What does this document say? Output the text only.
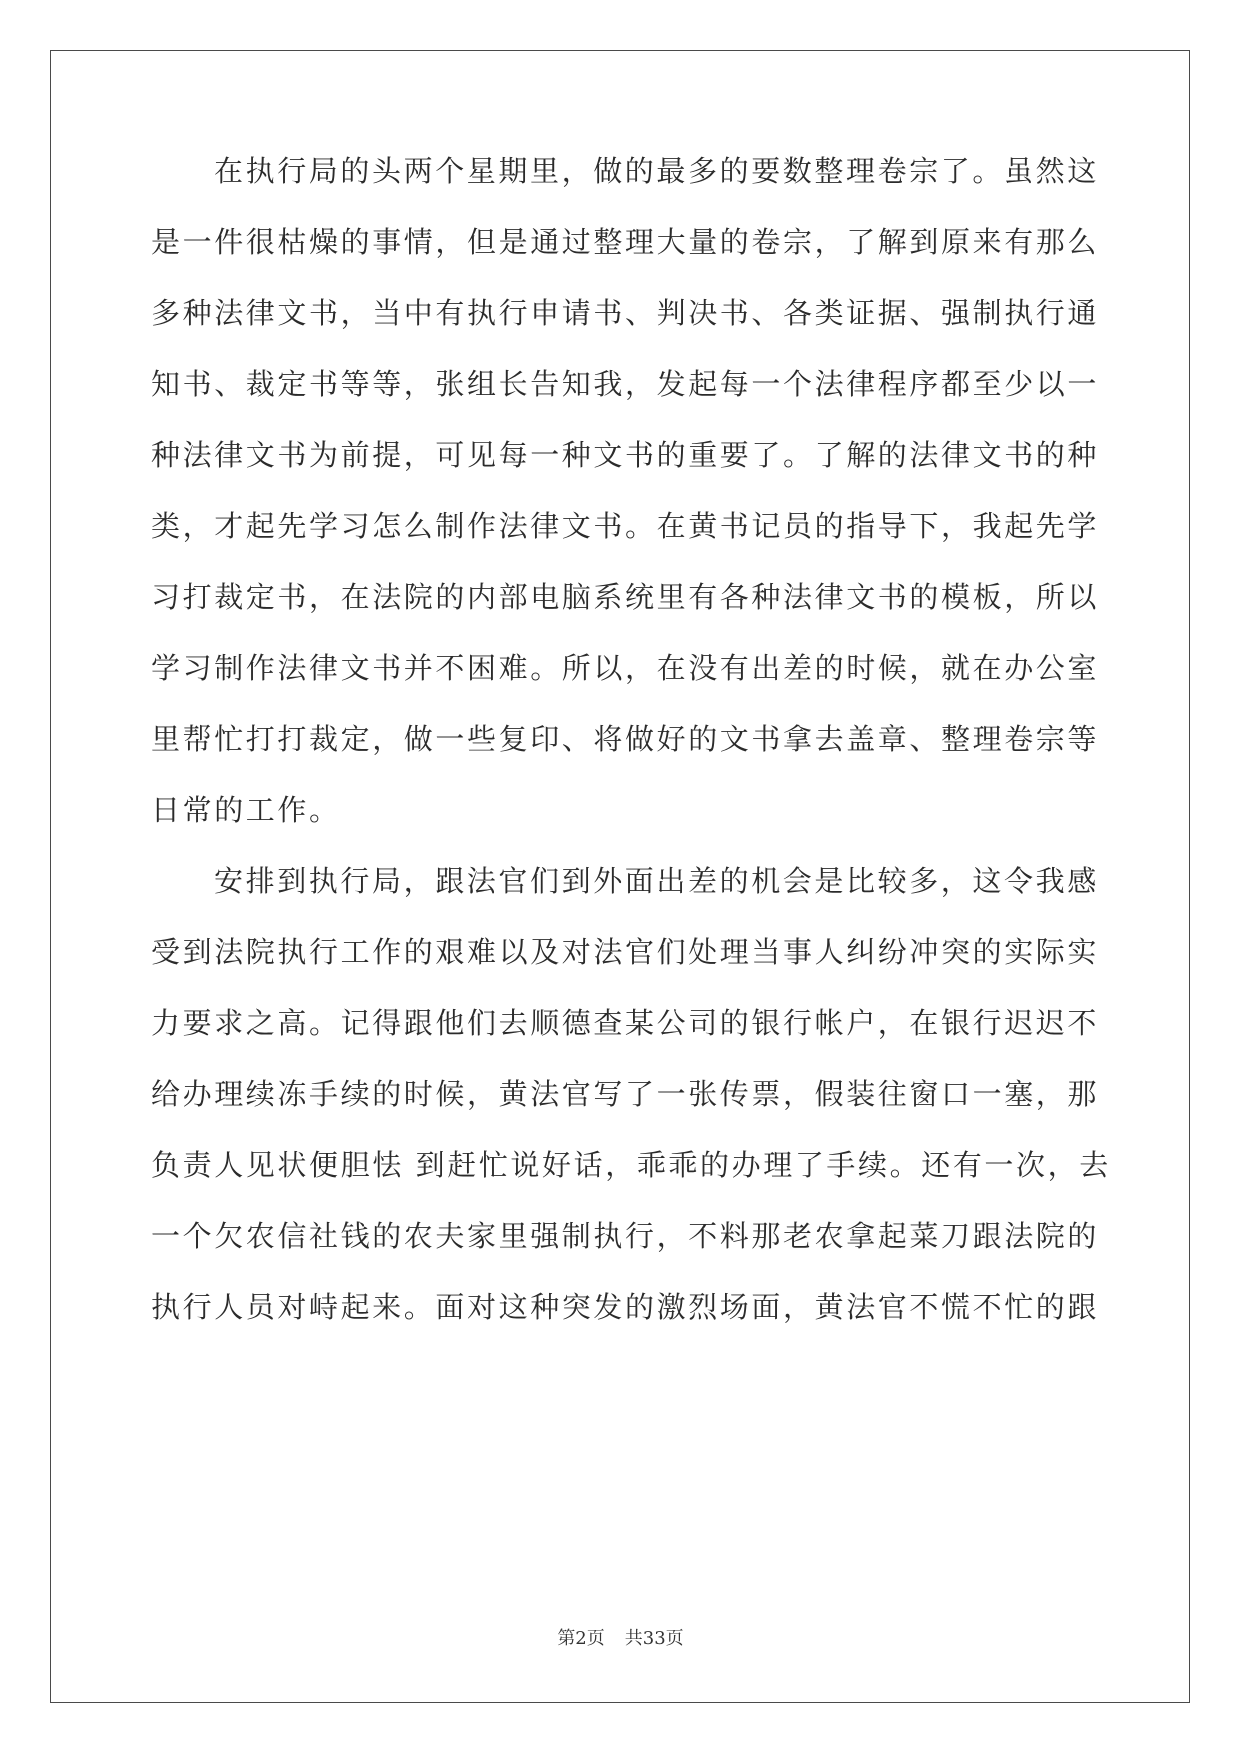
在执行局的头两个星期里，做的最多的要数整理卷宗了。虽然这
是一件很枯燥的事情，但是通过整理大量的卷宗，了解到原来有那么
多种法律文书，当中有执行申请书、判决书、各类证据、强制执行通
知书、裁定书等等，张组长告知我，发起每一个法律程序都至少以一
种法律文书为前提，可见每一种文书的重要了。了解的法律文书的种
类，才起先学习怎么制作法律文书。在黄书记员的指导下，我起先学
习打裁定书，在法院的内部电脑系统里有各种法律文书的模板，所以
学习制作法律文书并不困难。所以，在没有出差的时候，就在办公室
里帮忙打打裁定，做一些复印、将做好的文书拿去盖章、整理卷宗等
日常的工作。
安排到执行局，跟法官们到外面出差的机会是比较多，这令我感
受到法院执行工作的艰难以及对法官们处理当事人纠纷冲突的实际实
力要求之高。记得跟他们去顺德查某公司的银行帐户，在银行迟迟不
给办理续冻手续的时候，黄法官写了一张传票，假装往窗口一塞，那
负责人见状便胆怯 到赶忙说好话，乖乖的办理了手续。还有一次，去
一个欠农信社钱的农夫家里强制执行，不料那老农拿起菜刀跟法院的
执行人员对峙起来。面对这种突发的激烈场面，黄法官不慌不忙的跟
第2页 共33页
